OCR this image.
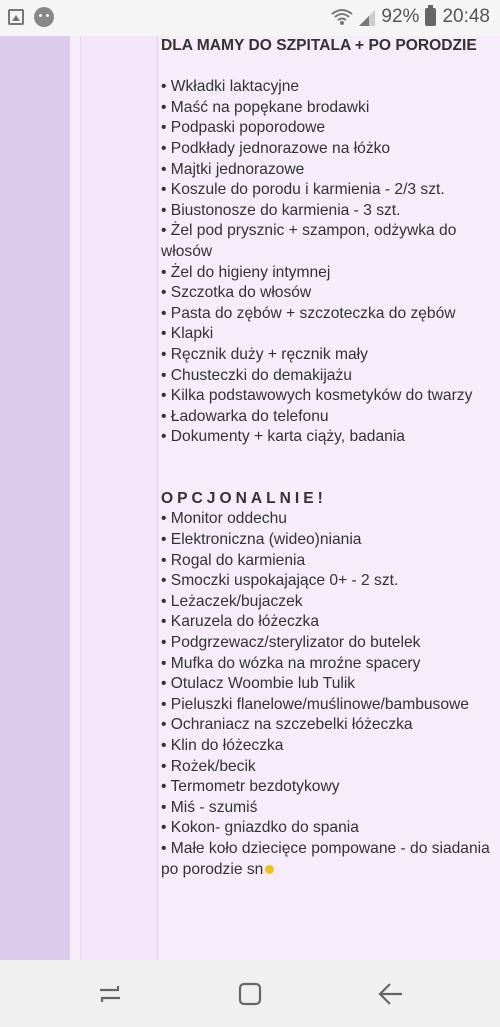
92% 20:48
DLA MAMY DO SZPITALA + PO PORODZIE
• Wkładki laktacyjne
• Maść na popękane brodawki
• Podpaski poporodowe
• Podkłady jednorazowe na łóżko
• Majtki jednorazowe
• Koszule do porodu i karmienia - 2/3 szt.
• Biustonosze do karmienia - 3 szt.
• Żel pod prysznic + szampon, odżywka do włosów
• Żel do higieny intymnej
• Szczotka do włosów
• Pasta do zębów + szczoteczka do zębów
• Klapki
• Ręcznik duży + ręcznik mały
• Chusteczki do demakijażu
• Kilka podstawowych kosmetyków do twarzy
• Ładowarka do telefonu
• Dokumenty + karta ciąży, badania
OPCJONALNIE!
• Monitor oddechu
• Elektroniczna (wideo)niania
• Rogal do karmienia
• Smoczki uspokajające 0+ - 2 szt.
• Leżaczek/bujaczek
• Karuzela do łóżeczka
• Podgrzewacz/sterylizator do butelek
• Mufka do wózka na mroźne spacery
• Otulacz Woombie lub Tulik
• Pieluszki flanelowe/muślinowe/bambusowe
• Ochraniacz na szczebelki łóżeczka
• Klin do łóżeczka
• Rożek/becik
• Termometr bezdotykowy
• Miś - szumiś
• Kokon- gniazdko do spania
• Małe koło dziecięce pompowane - do siadania po porodzie sn
